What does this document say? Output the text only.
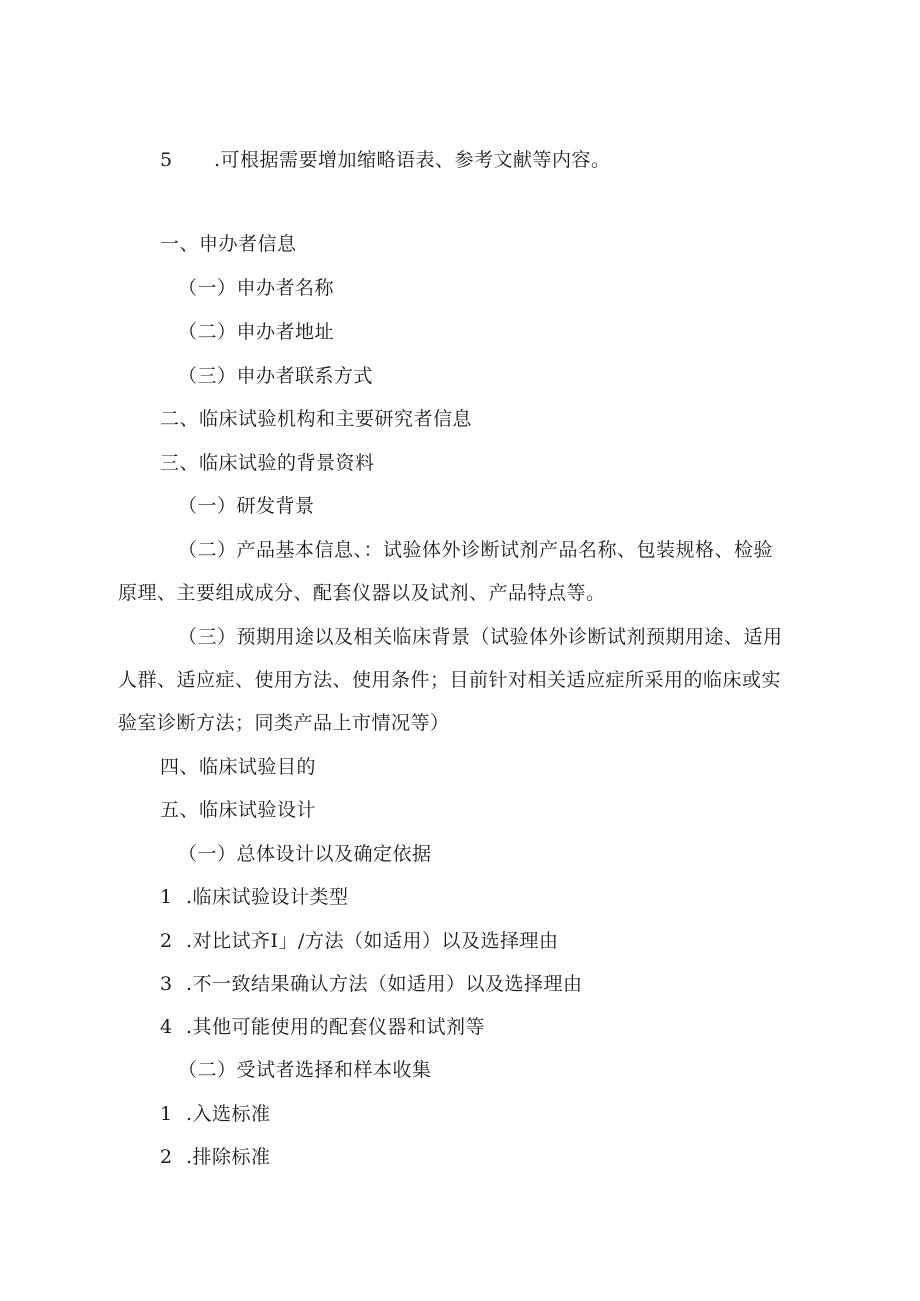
5 .可根据需要增加缩略语表、参考文献等内容。
一、申办者信息
（一）申办者名称
（二）申办者地址
（三）申办者联系方式
二、临床试验机构和主要研究者信息
三、临床试验的背景资料
（一）研发背景
（二）产品基本信息、：试验体外诊断试剂产品名称、包装规格、检验
原理、主要组成成分、配套仪器以及试剂、产品特点等。
（三）预期用途以及相关临床背景（试验体外诊断试剂预期用途、适用
人群、适应症、使用方法、使用条件；目前针对相关适应症所采用的临床或实
验室诊断方法；同类产品上市情况等）
四、临床试验目的
五、临床试验设计
（一）总体设计以及确定依据
1 .临床试验设计类型
2 .对比试齐I」/方法（如适用）以及选择理由
3 .不一致结果确认方法（如适用）以及选择理由
4 .其他可能使用的配套仪器和试剂等
（二）受试者选择和样本收集
1 .入选标准
2 .排除标准
